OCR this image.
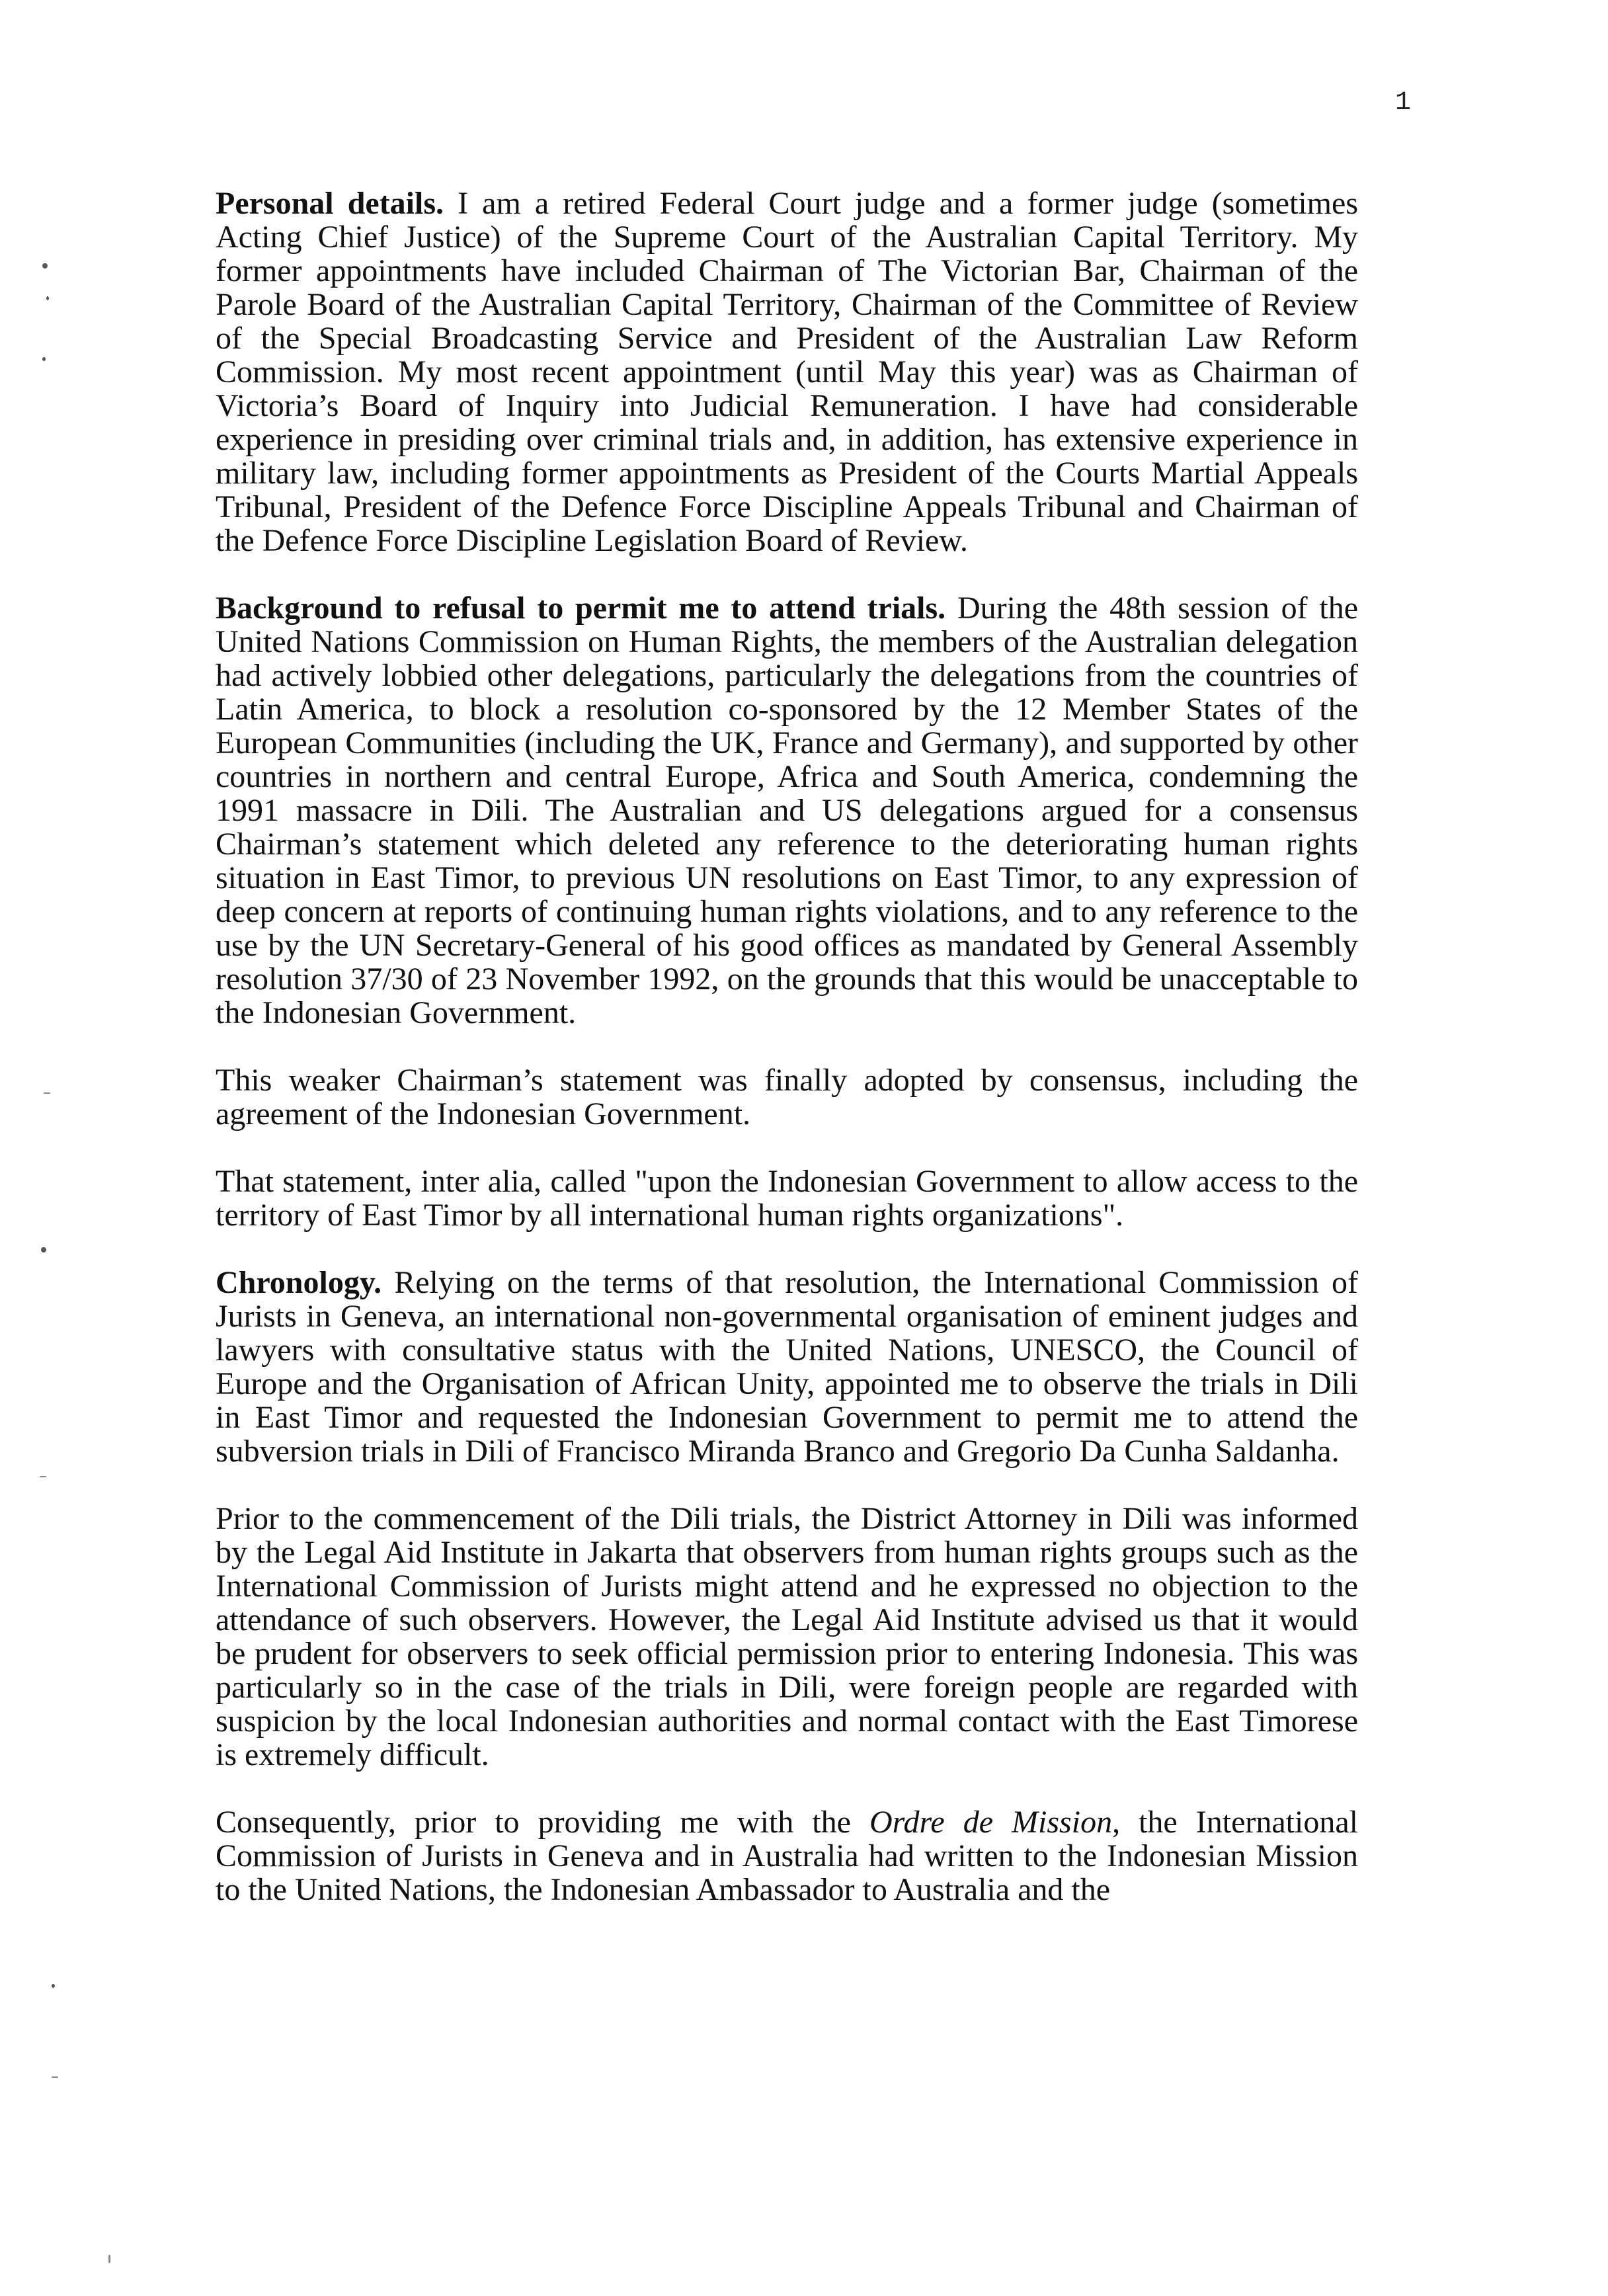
1

Personal details. I am a retired Federal Court judge and a former judge (sometimes Acting Chief Justice) of the Supreme Court of the Australian Capital Territory. My former appointments have included Chairman of The Victorian Bar, Chairman of the Parole Board of the Australian Capital Territory, Chairman of the Committee of Review of the Special Broadcasting Service and President of the Australian Law Reform Commission. My most recent appointment (until May this year) was as Chairman of Victoria’s Board of Inquiry into Judicial Remuneration. I have had considerable experience in presiding over criminal trials and, in addition, has extensive experience in military law, including former appointments as President of the Courts Martial Appeals Tribunal, President of the Defence Force Discipline Appeals Tribunal and Chairman of the Defence Force Discipline Legislation Board of Review.

Background to refusal to permit me to attend trials. During the 48th session of the United Nations Commission on Human Rights, the members of the Australian delegation had actively lobbied other delegations, particularly the delegations from the countries of Latin America, to block a resolution co-sponsored by the 12 Member States of the European Communities (including the UK, France and Germany), and supported by other countries in northern and central Europe, Africa and South America, condemning the 1991 massacre in Dili. The Australian and US delegations argued for a consensus Chairman’s statement which deleted any reference to the deteriorating human rights situation in East Timor, to previous UN resolutions on East Timor, to any expression of deep concern at reports of continuing human rights violations, and to any reference to the use by the UN Secretary-General of his good offices as mandated by General Assembly resolution 37/30 of 23 November 1992, on the grounds that this would be unacceptable to the Indonesian Government.

This weaker Chairman’s statement was finally adopted by consensus, including the agreement of the Indonesian Government.

That statement, inter alia, called "upon the Indonesian Government to allow access to the territory of East Timor by all international human rights organizations".

Chronology. Relying on the terms of that resolution, the International Commission of Jurists in Geneva, an international non-governmental organisation of eminent judges and lawyers with consultative status with the United Nations, UNESCO, the Council of Europe and the Organisation of African Unity, appointed me to observe the trials in Dili in East Timor and requested the Indonesian Government to permit me to attend the subversion trials in Dili of Francisco Miranda Branco and Gregorio Da Cunha Saldanha.

Prior to the commencement of the Dili trials, the District Attorney in Dili was informed by the Legal Aid Institute in Jakarta that observers from human rights groups such as the International Commission of Jurists might attend and he expressed no objection to the attendance of such observers. However, the Legal Aid Institute advised us that it would be prudent for observers to seek official permission prior to entering Indonesia. This was particularly so in the case of the trials in Dili, were foreign people are regarded with suspicion by the local Indonesian authorities and normal contact with the East Timorese is extremely difficult.

Consequently, prior to providing me with the Ordre de Mission, the International Commission of Jurists in Geneva and in Australia had written to the Indonesian Mission to the United Nations, the Indonesian Ambassador to Australia and the
